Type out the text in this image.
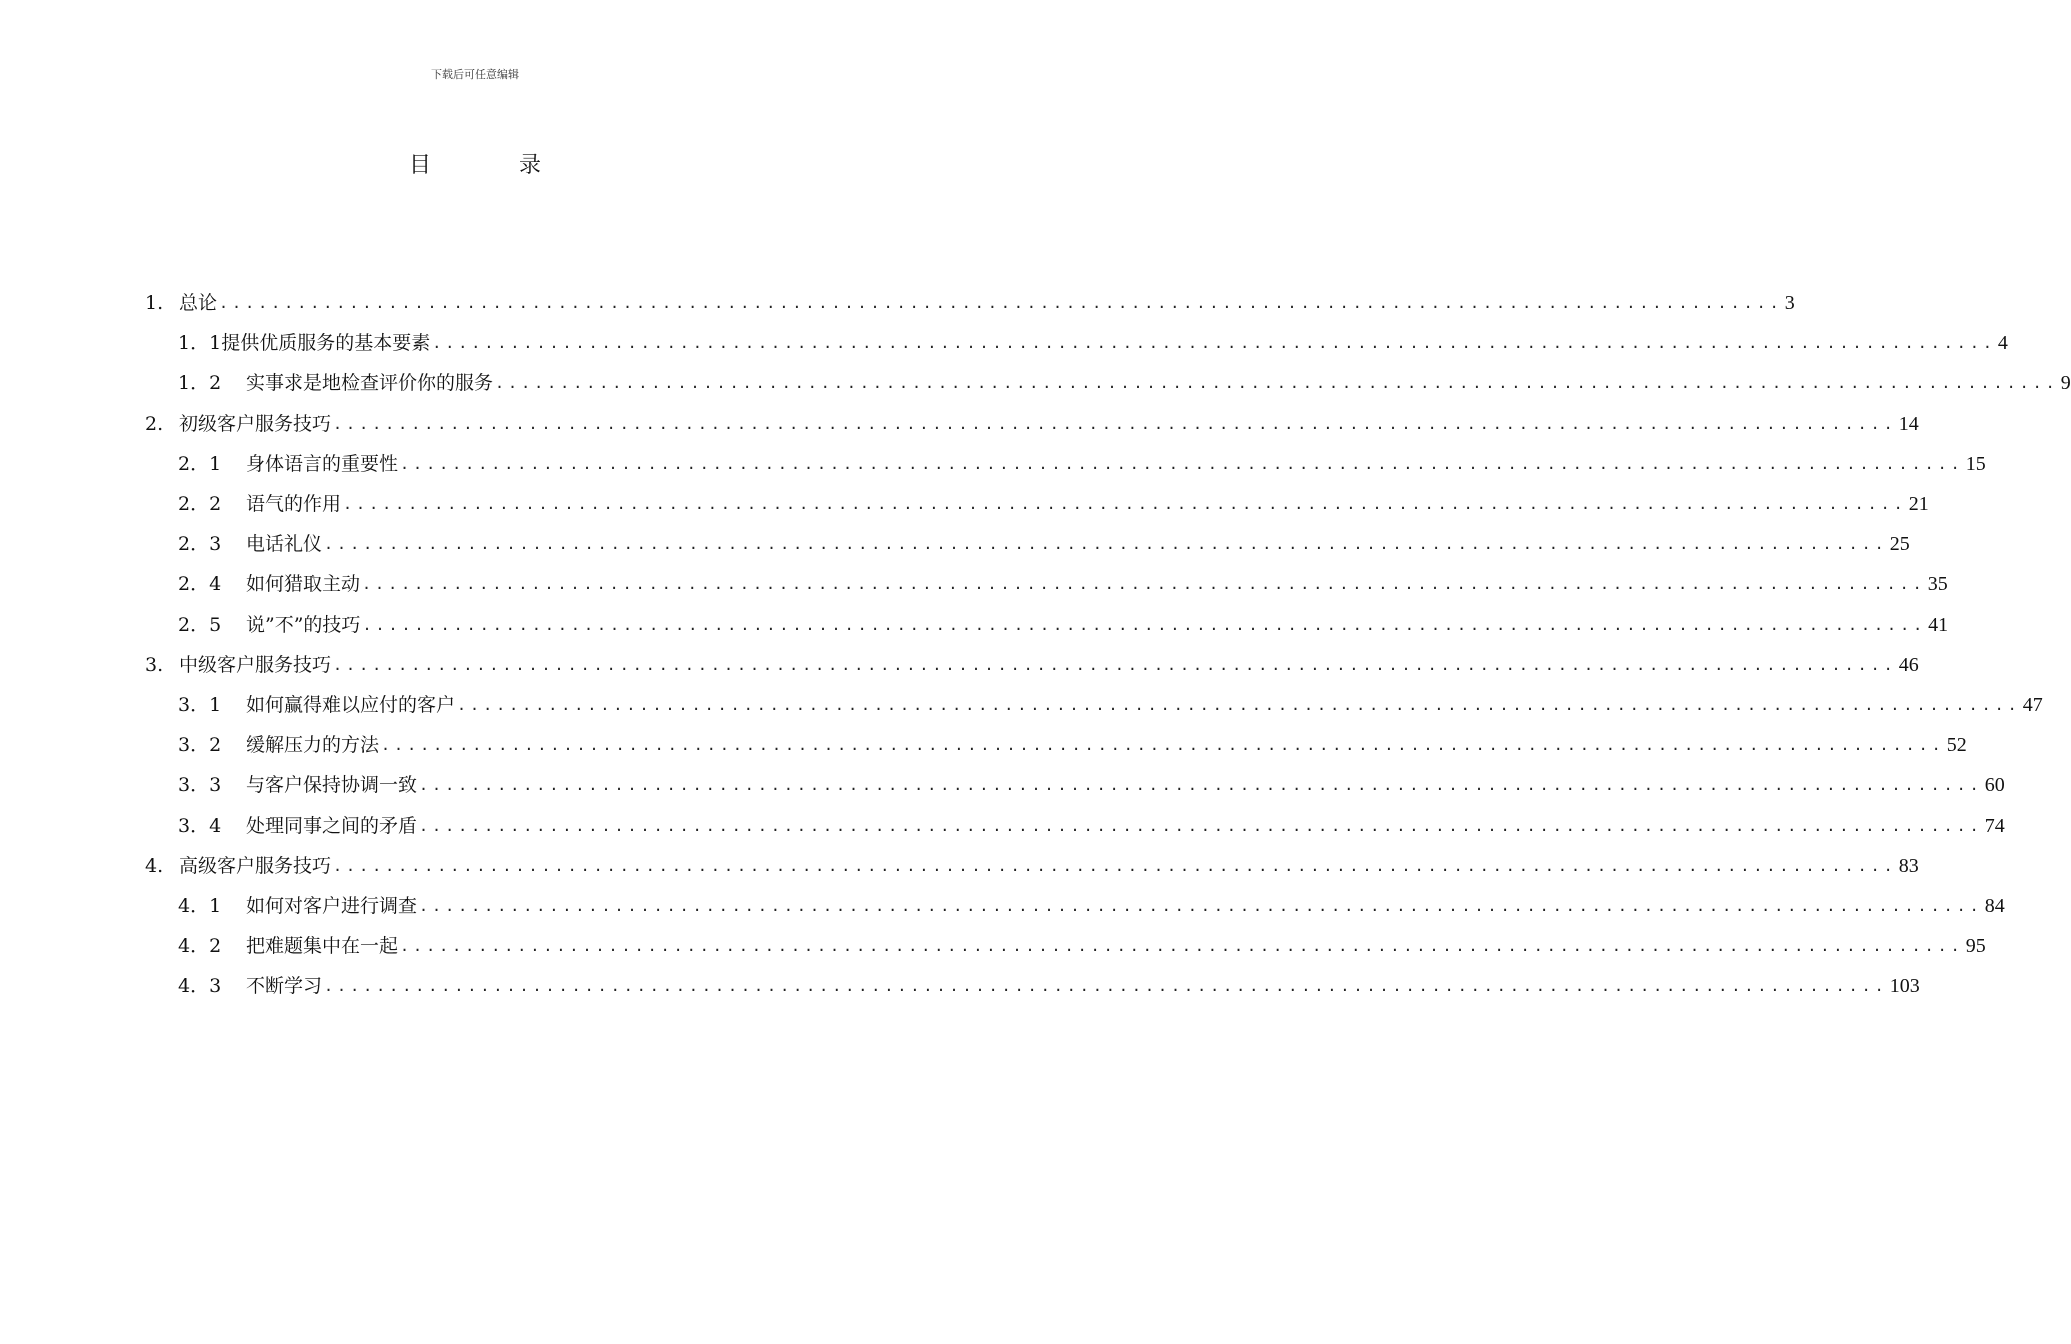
下载后可任意编辑
目录
1. 总论 ........................................................................................................................ 3
1．1提供优质服务的基本要素 ........................................................................................................................ 4
1．2 实事求是地检查评价你的服务 ........................................................................................................................ 9
2. 初级客户服务技巧 ........................................................................................................................ 14
2．1 身体语言的重要性 ........................................................................................................................ 15
2．2 语气的作用 ........................................................................................................................ 21
2．3 电话礼仪 ........................................................................................................................ 25
2．4 如何猎取主动 ........................................................................................................................ 35
2．5 说”不”的技巧 ........................................................................................................................ 41
3. 中级客户服务技巧 ........................................................................................................................ 46
3．1 如何赢得难以应付的客户 ........................................................................................................................ 47
3．2 缓解压力的方法 ........................................................................................................................ 52
3．3 与客户保持协调一致 ........................................................................................................................ 60
3．4 处理同事之间的矛盾 ........................................................................................................................ 74
4. 高级客户服务技巧 ........................................................................................................................ 83
4．1 如何对客户进行调查 ........................................................................................................................ 84
4．2 把难题集中在一起 ........................................................................................................................ 95
4．3 不断学习 ........................................................................................................................ 103
